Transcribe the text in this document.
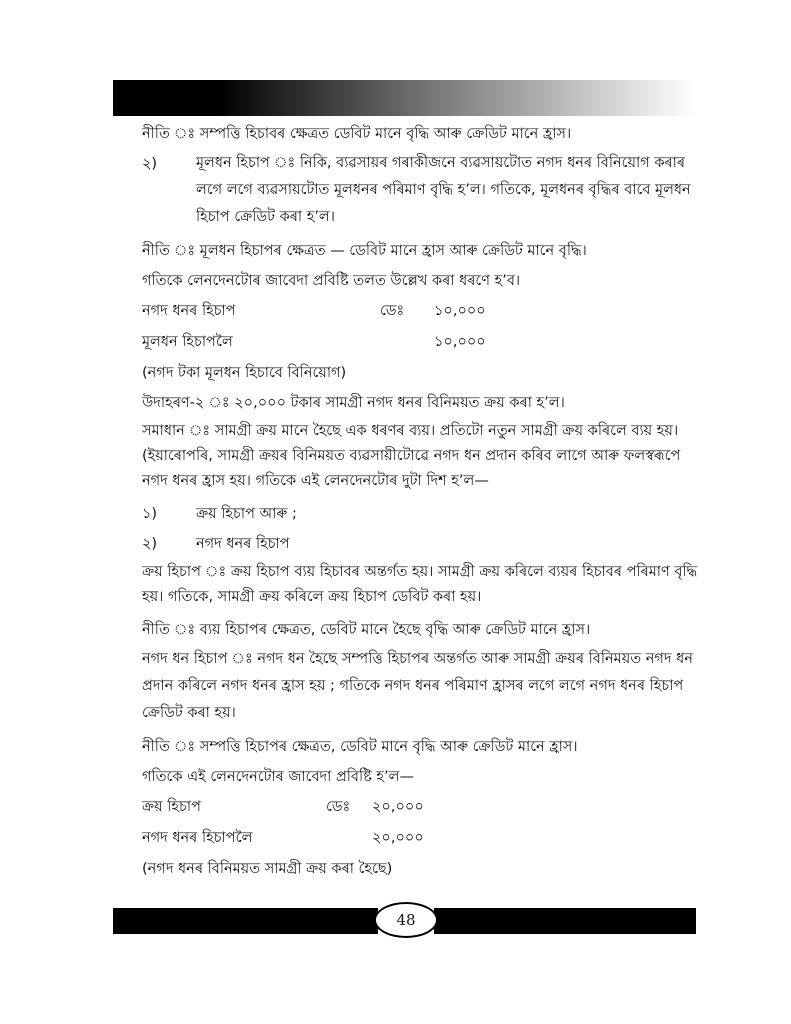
নীতি ঃ সম্পত্তি হিচাবৰ ক্ষেত্ৰত ডেবিট মানে বৃদ্ধি আৰু ক্ৰেডিট মানে হ্ৰাস।

২)	মূলধন হিচাপ ঃ নিকি, ব্যৱসায়ৰ গৰাকীজনে ব্যৱসায়টোত নগদ ধনৰ বিনিয়োগ কৰাৰ লগে লগে ব্যৱসায়টোত মূলধনৰ পৰিমাণ বৃদ্ধি হ’ল। গতিকে, মূলধনৰ বৃদ্ধিৰ বাবে মূলধন হিচাপ ক্ৰেডিট কৰা হ’ল।

নীতি ঃ মূলধন হিচাপৰ ক্ষেত্ৰত — ডেবিট মানে হ্ৰাস আৰু ক্ৰেডিট মানে বৃদ্ধি।

গতিকে লেনদেনটোৰ জাবেদা প্ৰবিষ্টি তলত উল্লেখ কৰা ধৰণে হ’ব।

নগদ ধনৰ হিচাপ	ডেঃ	১০,০০০
মূলধন হিচাপলৈ	১০,০০০

(নগদ টকা মূলধন হিচাবে বিনিয়োগ)

উদাহৰণ-২ ঃ ২০,০০০ টকাৰ সামগ্ৰী নগদ ধনৰ বিনিময়ত ক্ৰয় কৰা হ’ল।

সমাধান ঃ সামগ্ৰী ক্ৰয় মানে হৈছে এক ধৰণৰ ব্যয়। প্ৰতিটো নতুন সামগ্ৰী ক্ৰয় কৰিলে ব্যয় হয়। (ইয়াৰোপৰি, সামগ্ৰী ক্ৰয়ৰ বিনিময়ত ব্যৱসায়ীটোৱে নগদ ধন প্ৰদান কৰিব লাগে আৰু ফলস্বৰূপে নগদ ধনৰ হ্ৰাস হয়। গতিকে এই লেনদেনটোৰ দুটা দিশ হ’ল—

১)	ক্ৰয় হিচাপ আৰু ;
২)	নগদ ধনৰ হিচাপ

ক্ৰয় হিচাপ ঃ ক্ৰয় হিচাপ ব্যয় হিচাবৰ অন্তৰ্গত হয়। সামগ্ৰী ক্ৰয় কৰিলে ব্যয়ৰ হিচাবৰ পৰিমাণ বৃদ্ধি হয়। গতিকে, সামগ্ৰী ক্ৰয় কৰিলে ক্ৰয় হিচাপ ডেবিট কৰা হয়।

নীতি ঃ ব্যয় হিচাপৰ ক্ষেত্ৰত, ডেবিট মানে হৈছে বৃদ্ধি আৰু ক্ৰেডিট মানে হ্ৰাস।

নগদ ধন হিচাপ ঃ নগদ ধন হৈছে সম্পত্তি হিচাপৰ অন্তৰ্গত আৰু সামগ্ৰী ক্ৰয়ৰ বিনিময়ত নগদ ধন প্ৰদান কৰিলে নগদ ধনৰ হ্ৰাস হয় ; গতিকে নগদ ধনৰ পৰিমাণ হ্ৰাসৰ লগে লগে নগদ ধনৰ হিচাপ ক্ৰেডিট কৰা হয়।

নীতি ঃ সম্পত্তি হিচাপৰ ক্ষেত্ৰত, ডেবিট মানে বৃদ্ধি আৰু ক্ৰেডিট মানে হ্ৰাস।

গতিকে এই লেনদেনটোৰ জাবেদা প্ৰবিষ্টি হ’ল—

ক্ৰয় হিচাপ	ডেঃ	২০,০০০
নগদ ধনৰ হিচাপলৈ	২০,০০০

(নগদ ধনৰ বিনিময়ত সামগ্ৰী ক্ৰয় কৰা হৈছে)

48
